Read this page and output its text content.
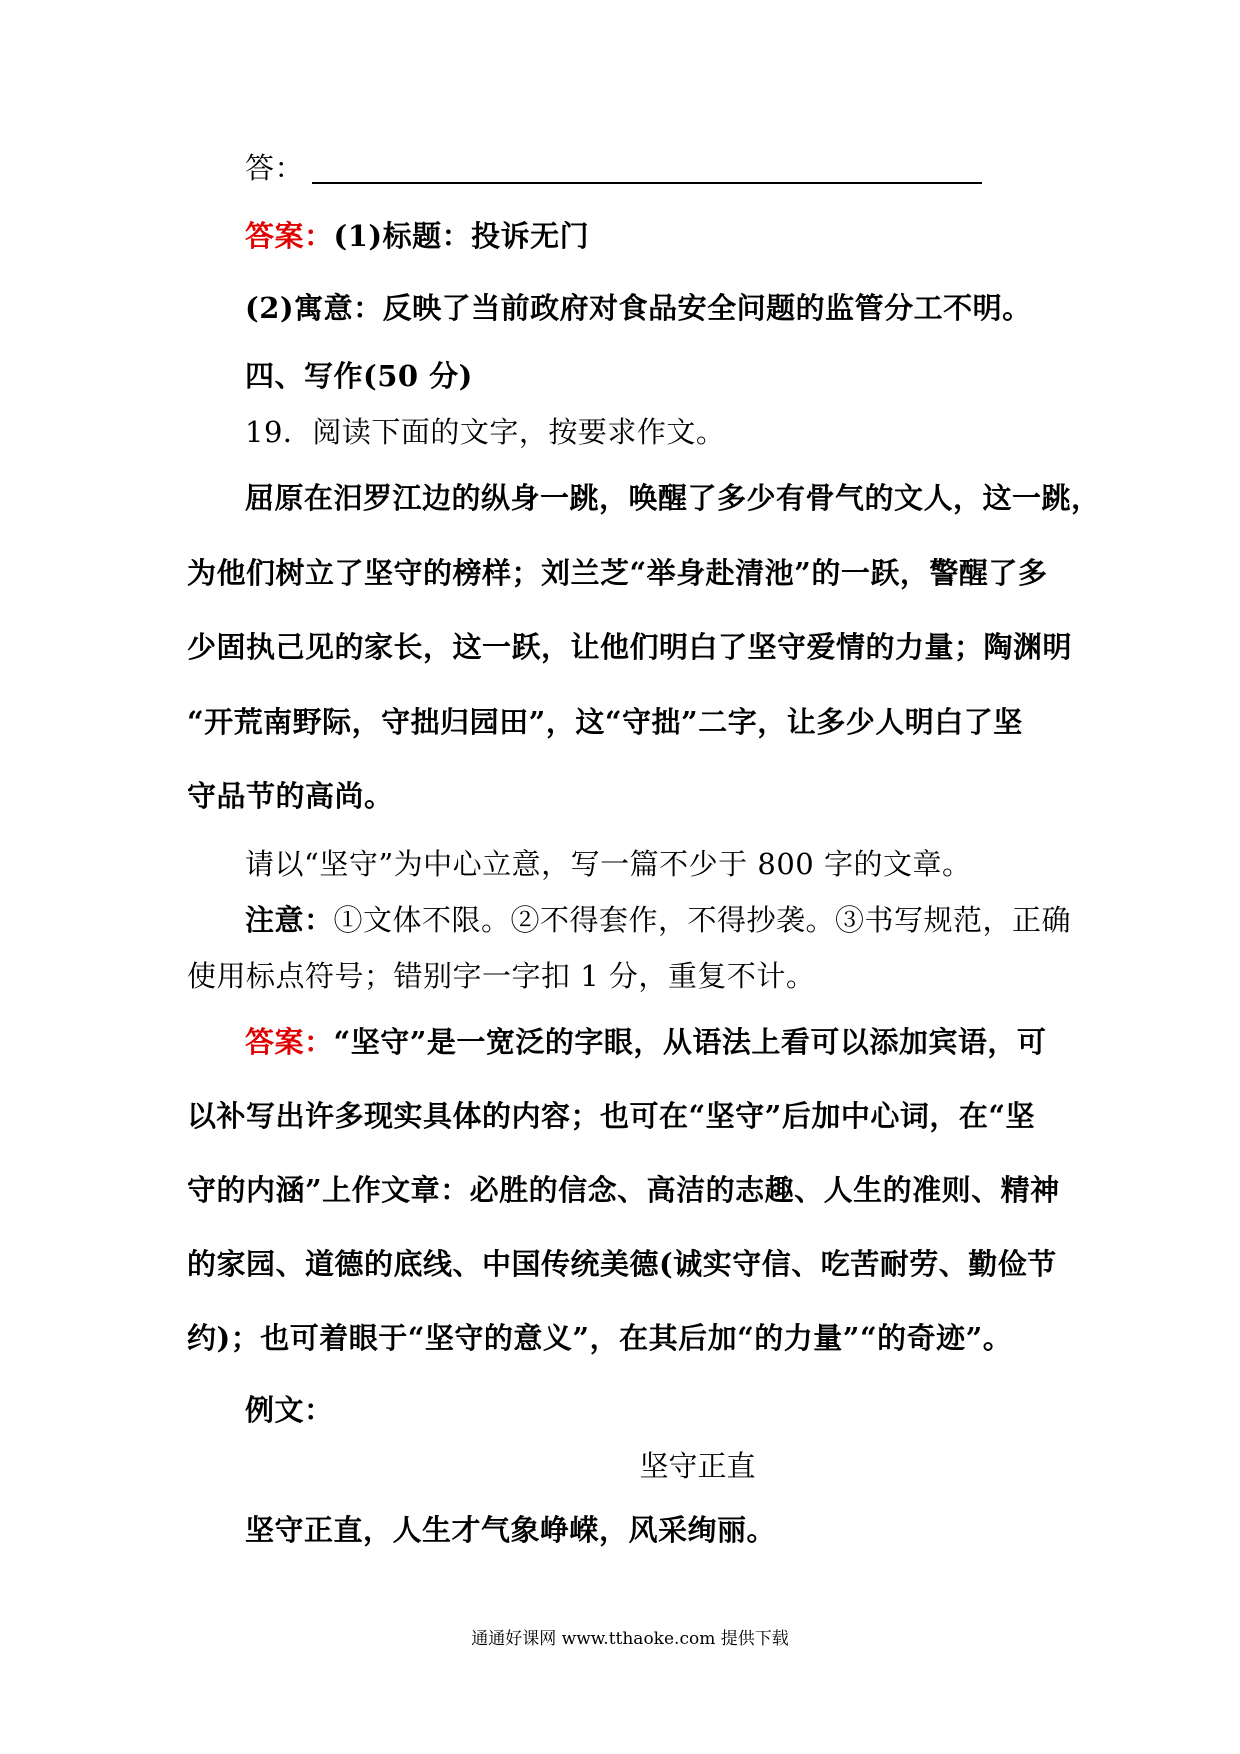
答：
答案：(1)标题：投诉无门
(2)寓意：反映了当前政府对食品安全问题的监管分工不明。
四、写作(50 分)
19．阅读下面的文字，按要求作文。
屈原在汨罗江边的纵身一跳，唤醒了多少有骨气的文人，这一跳，
为他们树立了坚守的榜样；刘兰芝“举身赴清池”的一跃，警醒了多
少固执己见的家长，这一跃，让他们明白了坚守爱情的力量；陶渊明
“开荒南野际，守拙归园田”，这“守拙”二字，让多少人明白了坚
守品节的高尚。
请以“坚守”为中心立意，写一篇不少于 800 字的文章。
注意：①文体不限。②不得套作，不得抄袭。③书写规范，正确
使用标点符号；错别字一字扣 1 分，重复不计。
答案：“坚守”是一宽泛的字眼，从语法上看可以添加宾语，可
以补写出许多现实具体的内容；也可在“坚守”后加中心词，在“坚
守的内涵”上作文章：必胜的信念、高洁的志趣、人生的准则、精神
的家园、道德的底线、中国传统美德(诚实守信、吃苦耐劳、勤俭节
约)；也可着眼于“坚守的意义”，在其后加“的力量”“的奇迹”。
例文：
坚守正直
坚守正直，人生才气象峥嵘，风采绚丽。
通通好课网 www.tthaoke.com 提供下载
